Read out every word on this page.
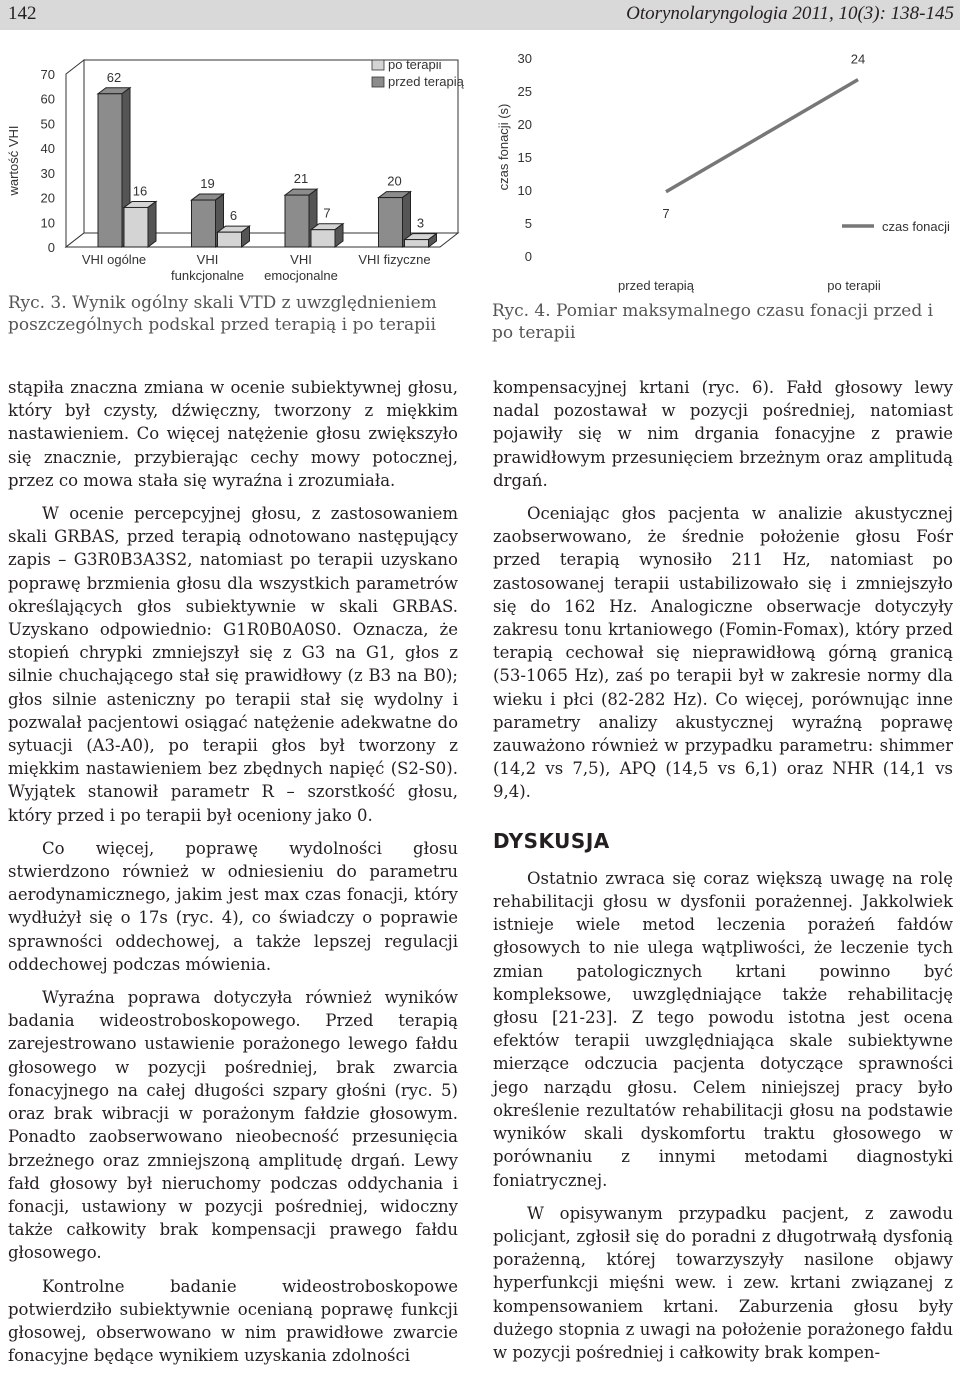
142	Otorynolaryngologia 2011, 10(3): 138-145
0
10
20
30
40
50
60
70
wartość VHI
62
16
VHI ogólne
19
6
VHI
funkcjonalne
21
7
VHI
emocjonalne
20
3
VHI fizyczne
po terapii
przed terapią
0
5
10
15
20
25
30
czas fonacji (s)
przed terapią	po terapii
7
24
czas fonacji
Ryc. 3. Wynik ogólny skali VTD z uwzględnieniem poszczególnych podskal przed terapią i po terapii
Ryc. 4. Pomiar maksymalnego czasu fonacji przed i po terapii

stąpiła znaczna zmiana w ocenie subiektywnej głosu, który był czysty, dźwięczny, tworzony z miękkim nastawieniem. Co więcej natężenie głosu zwiększyło się znacznie, przybierając cechy mowy potocznej, przez co mowa stała się wyraźna i zrozumiała.

W ocenie percepcyjnej głosu, z zastosowaniem skali GRBAS, przed terapią odnotowano następujący zapis – G3R0B3A3S2, natomiast po terapii uzyskano poprawę brzmienia głosu dla wszystkich parametrów określających głos subiektywnie w skali GRBAS. Uzyskano odpowiednio: G1R0B0A0S0. Oznacza, że stopień chrypki zmniejszył się z G3 na G1, głos z silnie chuchającego stał się prawidłowy (z B3 na B0); głos silnie asteniczny po terapii stał się wydolny i pozwalał pacjentowi osiągać natężenie adekwatne do sytuacji (A3-A0), po terapii głos był tworzony z miękkim nastawieniem bez zbędnych napięć (S2-S0). Wyjątek stanowił parametr R – szorstkość głosu, który przed i po terapii był oceniony jako 0.

Co więcej, poprawę wydolności głosu stwierdzono również w odniesieniu do parametru aerodynamicznego, jakim jest max czas fonacji, który wydłużył się o 17s (ryc. 4), co świadczy o poprawie sprawności oddechowej, a także lepszej regulacji oddechowej podczas mówienia.

Wyraźna poprawa dotyczyła również wyników badania wideostroboskopowego. Przed terapią zarejestrowano ustawienie porażonego lewego fałdu głosowego w pozycji pośredniej, brak zwarcia fonacyjnego na całej długości szpary głośni (ryc. 5) oraz brak wibracji w porażonym fałdzie głosowym. Ponadto zaobserwowano nieobecność przesunięcia brzeżnego oraz zmniejszoną amplitudę drgań. Lewy fałd głosowy był nieruchomy podczas oddychania i fonacji, ustawiony w pozycji pośredniej, widoczny także całkowity brak kompensacji prawego fałdu głosowego.

Kontrolne badanie wideostroboskopowe potwierdziło subiektywnie ocenianą poprawę funkcji głosowej, obserwowano w nim prawidłowe zwarcie fonacyjne będące wynikiem uzyskania zdolności

kompensacyjnej krtani (ryc. 6). Fałd głosowy lewy nadal pozostawał w pozycji pośredniej, natomiast pojawiły się w nim drgania fonacyjne z prawie prawidłowym przesunięciem brzeżnym oraz amplitudą drgań.

Oceniając głos pacjenta w analizie akustycznej zaobserwowano, że średnie położenie głosu Fośr przed terapią wynosiło 211 Hz, natomiast po zastosowanej terapii ustabilizowało się i zmniejszyło się do 162 Hz. Analogiczne obserwacje dotyczyły zakresu tonu krtaniowego (Fomin-Fomax), który przed terapią cechował się nieprawidłową górną granicą (53-1065 Hz), zaś po terapii był w zakresie normy dla wieku i płci (82-282 Hz). Co więcej, porównując inne parametry analizy akustycznej wyraźną poprawę zauważono również w przypadku parametru: shimmer (14,2 vs 7,5), APQ (14,5 vs 6,1) oraz NHR (14,1 vs 9,4).

DYSKUSJA

Ostatnio zwraca się coraz większą uwagę na rolę rehabilitacji głosu w dysfonii porażennej. Jakkolwiek istnieje wiele metod leczenia porażeń fałdów głosowych to nie ulega wątpliwości, że leczenie tych zmian patologicznych krtani powinno być kompleksowe, uwzględniające także rehabilitację głosu [21-23]. Z tego powodu istotna jest ocena efektów terapii uwzględniająca skale subiektywne mierzące odczucia pacjenta dotyczące sprawności jego narządu głosu. Celem niniejszej pracy było określenie rezultatów rehabilitacji głosu na podstawie wyników skali dyskomfortu traktu głosowego w porównaniu z innymi metodami diagnostyki foniatrycznej.

W opisywanym przypadku pacjent, z zawodu policjant, zgłosił się do poradni z długotrwałą dysfonią porażenną, której towarzyszyły nasilone objawy hyperfunkcji mięśni wew. i zew. krtani związanej z kompensowaniem krtani. Zaburzenia głosu były dużego stopnia z uwagi na położenie porażonego fałdu w pozycji pośredniej i całkowity brak kompen-
